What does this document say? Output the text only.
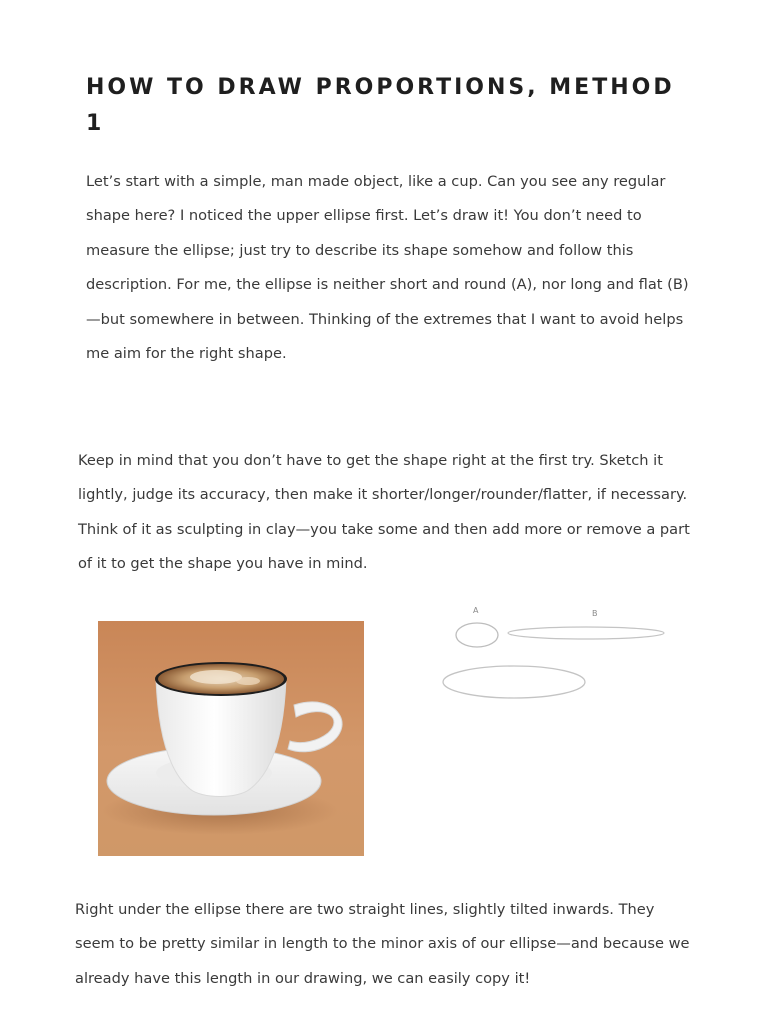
HOW TO DRAW PROPORTIONS, METHOD 1

Let’s start with a simple, man made object, like a cup. Can you see any regular shape here? I noticed the upper ellipse first. Let’s draw it! You don’t need to measure the ellipse; just try to describe its shape somehow and follow this description. For me, the ellipse is neither short and round (A), nor long and flat (B) —but somewhere in between. Thinking of the extremes that I want to avoid helps me aim for the right shape.

Keep in mind that you don’t have to get the shape right at the first try. Sketch it lightly, judge its accuracy, then make it shorter/longer/rounder/flatter, if necessary. Think of it as sculpting in clay—you take some and then add more or remove a part of it to get the shape you have in mind.

A	B

Right under the ellipse there are two straight lines, slightly tilted inwards. They seem to be pretty similar in length to the minor axis of our ellipse—and because we already have this length in our drawing, we can easily copy it!
